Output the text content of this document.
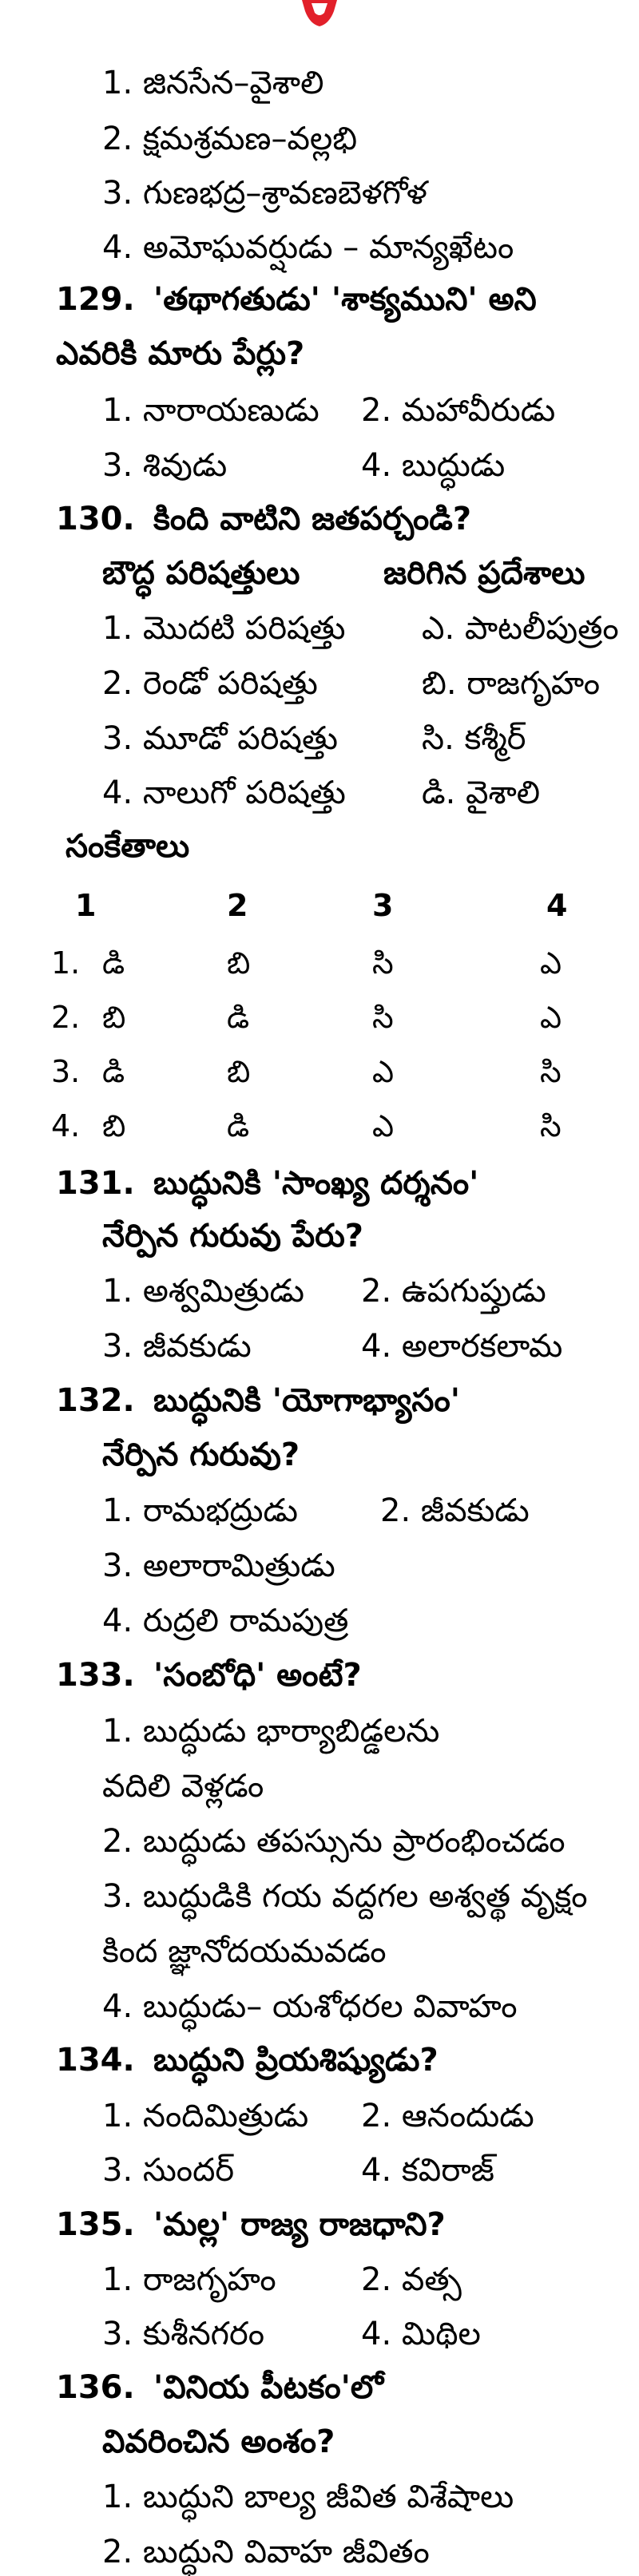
1. జినసేన–వైశాలి
2. క్షమశ్రమణ–వల్లభి
3. గుణభద్ర–శ్రావణబెళగోళ
4. అమోఘవర్షుడు – మాన్యఖేటం
129. 'తథాగతుడు' 'శాక్యముని' అని
ఎవరికి మారు పేర్లు?
1. నారాయణుడు 2. మహావీరుడు
3. శివుడు	4. బుద్ధుడు
130. కింది వాటిని జతపర్చండి?
బౌద్ధ పరిషత్తులు	జరిగిన ప్రదేశాలు
1. మొదటి పరిషత్తు ఎ. పాటలీపుత్రం
2. రెండో పరిషత్తు	బి. రాజగృహం
3. మూడో పరిషత్తు	సి. కశ్మీర్
4. నాలుగో పరిషత్తు డి. వైశాలి
సంకేతాలు
1	2	3	4
1. డి	బి	సి	ఎ
2. బి	డి	సి	ఎ
3. డి	బి	ఎ	సి
4. బి	డి	ఎ	సి
131. బుద్ధునికి 'సాంఖ్య దర్శనం'
నేర్పిన గురువు పేరు?
1. అశ్వమిత్రుడు 2. ఉపగుప్తుడు
3. జీవకుడు	4. అలారకలామ
132. బుద్ధునికి 'యోగాభ్యాసం'
నేర్పిన గురువు?
1. రామభద్రుడు	2. జీవకుడు
3. అలారామిత్రుడు
4. రుద్రలి రామపుత్ర
133. 'సంబోధి' అంటే?
1. బుద్ధుడు భార్యాబిడ్డలను
వదిలి వెళ్లడం
2. బుద్ధుడు తపస్సును ప్రారంభించడం
3. బుద్ధుడికి గయ వద్దగల అశ్వత్థ వృక్షం
కింద జ్ఞానోదయమవడం
4. బుద్ధుడు– యశోధరల వివాహం
134. బుద్ధుని ప్రియశిష్యుడు?
1. నందిమిత్రుడు 2. ఆనందుడు
3. సుందర్	4. కవిరాజ్
135. 'మల్ల' రాజ్య రాజధాని?
1. రాజగృహం	2. వత్స
3. కుశీనగరం	4. మిథిల
136. 'వినియ పీటకం'లో
వివరించిన అంశం?
1. బుద్ధుని బాల్య జీవిత విశేషాలు
2. బుద్ధుని వివాహ జీవితం
